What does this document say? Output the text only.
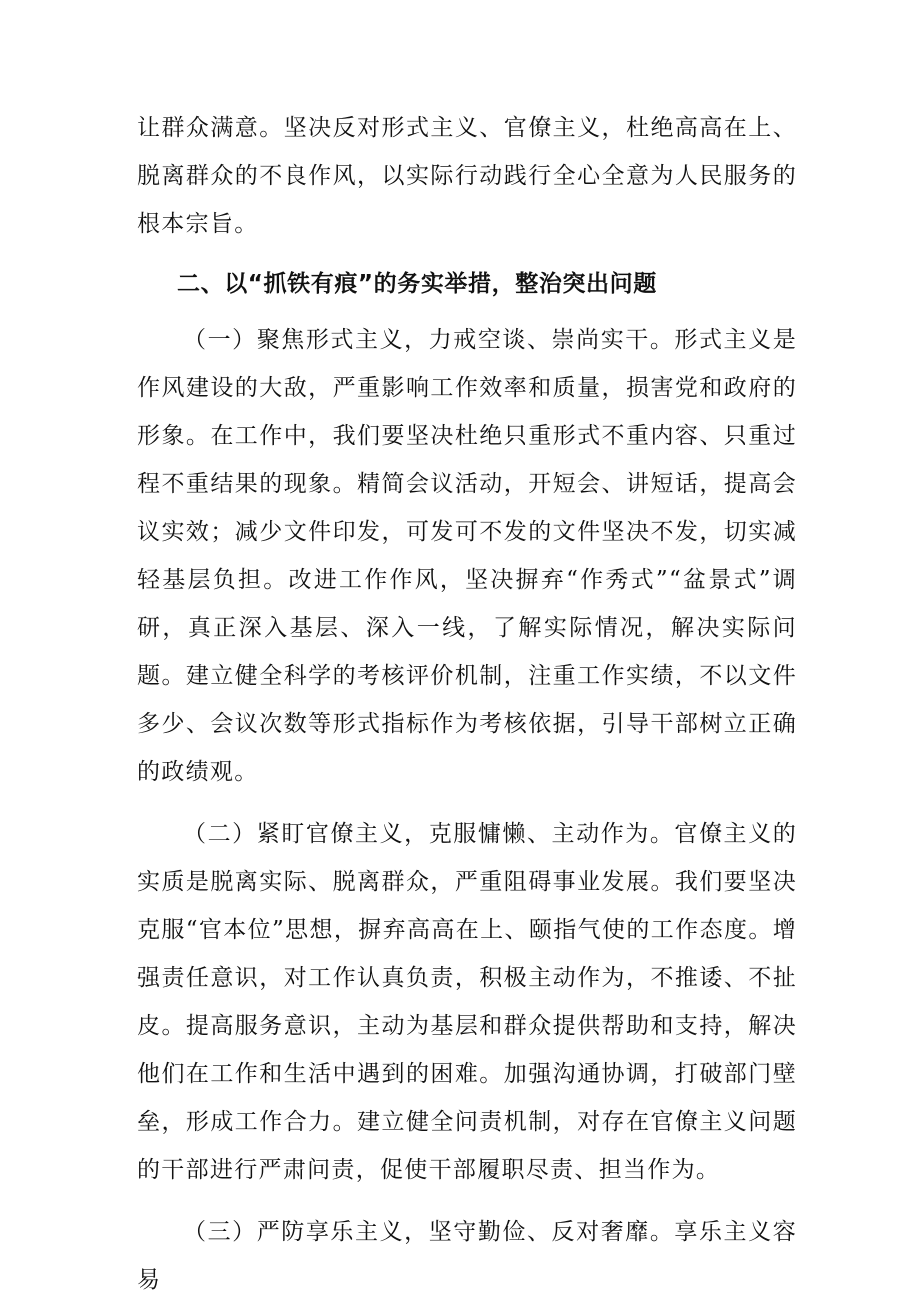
让群众满意。坚决反对形式主义、官僚主义，杜绝高高在上、脱离群众的不良作风，以实际行动践行全心全意为人民服务的根本宗旨。

二、以“抓铁有痕”的务实举措，整治突出问题

（一）聚焦形式主义，力戒空谈、崇尚实干。形式主义是作风建设的大敌，严重影响工作效率和质量，损害党和政府的形象。在工作中，我们要坚决杜绝只重形式不重内容、只重过程不重结果的现象。精简会议活动，开短会、讲短话，提高会议实效；减少文件印发，可发可不发的文件坚决不发，切实减轻基层负担。改进工作作风，坚决摒弃“作秀式”“盆景式”调研，真正深入基层、深入一线，了解实际情况，解决实际问题。建立健全科学的考核评价机制，注重工作实绩，不以文件多少、会议次数等形式指标作为考核依据，引导干部树立正确的政绩观。

（二）紧盯官僚主义，克服慵懒、主动作为。官僚主义的实质是脱离实际、脱离群众，严重阻碍事业发展。我们要坚决克服“官本位”思想，摒弃高高在上、颐指气使的工作态度。增强责任意识，对工作认真负责，积极主动作为，不推诿、不扯皮。提高服务意识，主动为基层和群众提供帮助和支持，解决他们在工作和生活中遇到的困难。加强沟通协调，打破部门壁垒，形成工作合力。建立健全问责机制，对存在官僚主义问题的干部进行严肃问责，促使干部履职尽责、担当作为。

（三）严防享乐主义，坚守勤俭、反对奢靡。享乐主义容易
